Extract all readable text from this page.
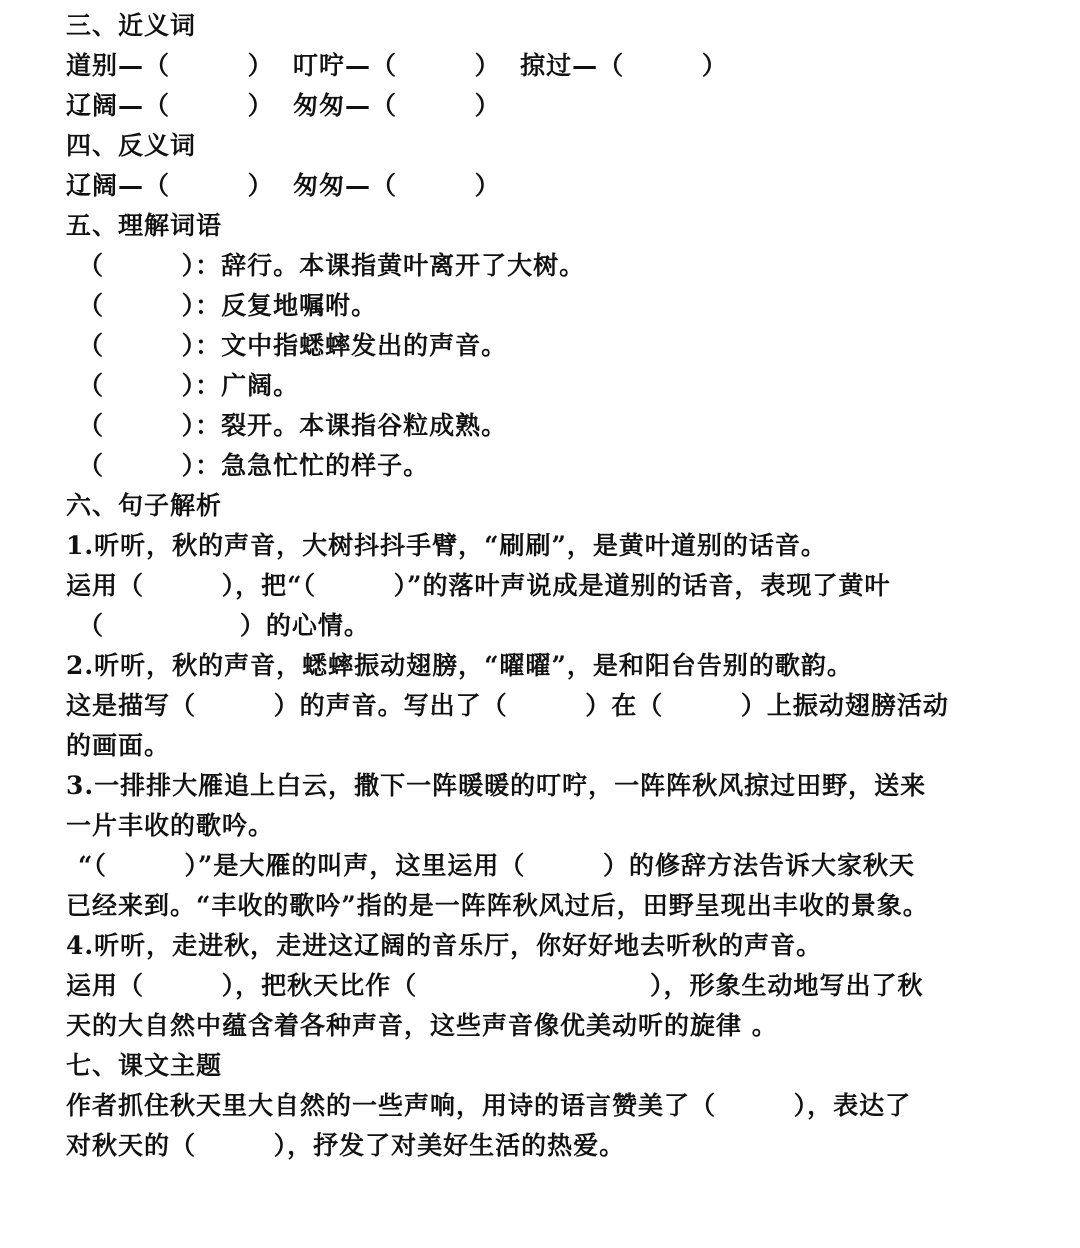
三、近义词
道别—（        ）  叮咛—（        ）  掠过—（        ）
辽阔—（        ）  匆匆—（        ）
四、反义词
辽阔—（        ）  匆匆—（        ）
五、理解词语
（        ）：辞行。本课指黄叶离开了大树。
（        ）：反复地嘱咐。
（        ）：文中指蟋蟀发出的声音。
（        ）：广阔。
（        ）：裂开。本课指谷粒成熟。
（        ）：急急忙忙的样子。
六、句子解析
1.听听，秋的声音，大树抖抖手臂，“刷刷”，是黄叶道别的话音。
运用（        ），把“（        ）”的落叶声说成是道别的话音，表现了黄叶
（              ）的心情。
2.听听，秋的声音，蟋蟀振动翅膀，“曜曜”，是和阳台告别的歌韵。
这是描写（        ）的声音。写出了（        ）在（        ）上振动翅膀活动
的画面。
3.一排排大雁追上白云，撒下一阵暖暖的叮咛，一阵阵秋风掠过田野，送来
一片丰收的歌吟。
“（        ）”是大雁的叫声，这里运用（        ）的修辞方法告诉大家秋天
已经来到。“丰收的歌吟”指的是一阵阵秋风过后，田野呈现出丰收的景象。
4.听听，走进秋，走进这辽阔的音乐厅，你好好地去听秋的声音。
运用（        ），把秋天比作（                        ），形象生动地写出了秋
天的大自然中蕴含着各种声音，这些声音像优美动听的旋律 。
七、课文主题
作者抓住秋天里大自然的一些声响，用诗的语言赞美了（        ），表达了
对秋天的（        ），抒发了对美好生活的热爱。
